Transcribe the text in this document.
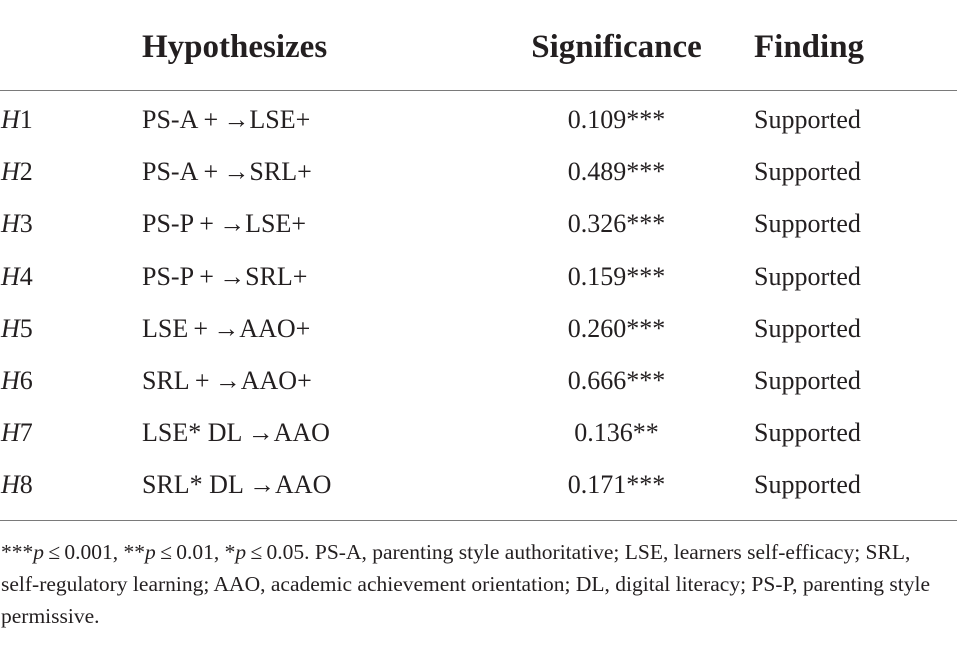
	Hypothesizes	Significance	Finding
H1	PS-A + →LSE+	0.109***	Supported
H2	PS-A + →SRL+	0.489***	Supported
H3	PS-P + →LSE+	0.326***	Supported
H4	PS-P + →SRL+	0.159***	Supported
H5	LSE + →AAO+	0.260***	Supported
H6	SRL + →AAO+	0.666***	Supported
H7	LSE* DL →AAO	0.136**	Supported
H8	SRL* DL →AAO	0.171***	Supported
***p ≤ 0.001, **p ≤ 0.01, *p ≤ 0.05. PS-A, parenting style authoritative; LSE, learners self-efficacy; SRL, self-regulatory learning; AAO, academic achievement orientation; DL, digital literacy; PS-P, parenting style permissive.
